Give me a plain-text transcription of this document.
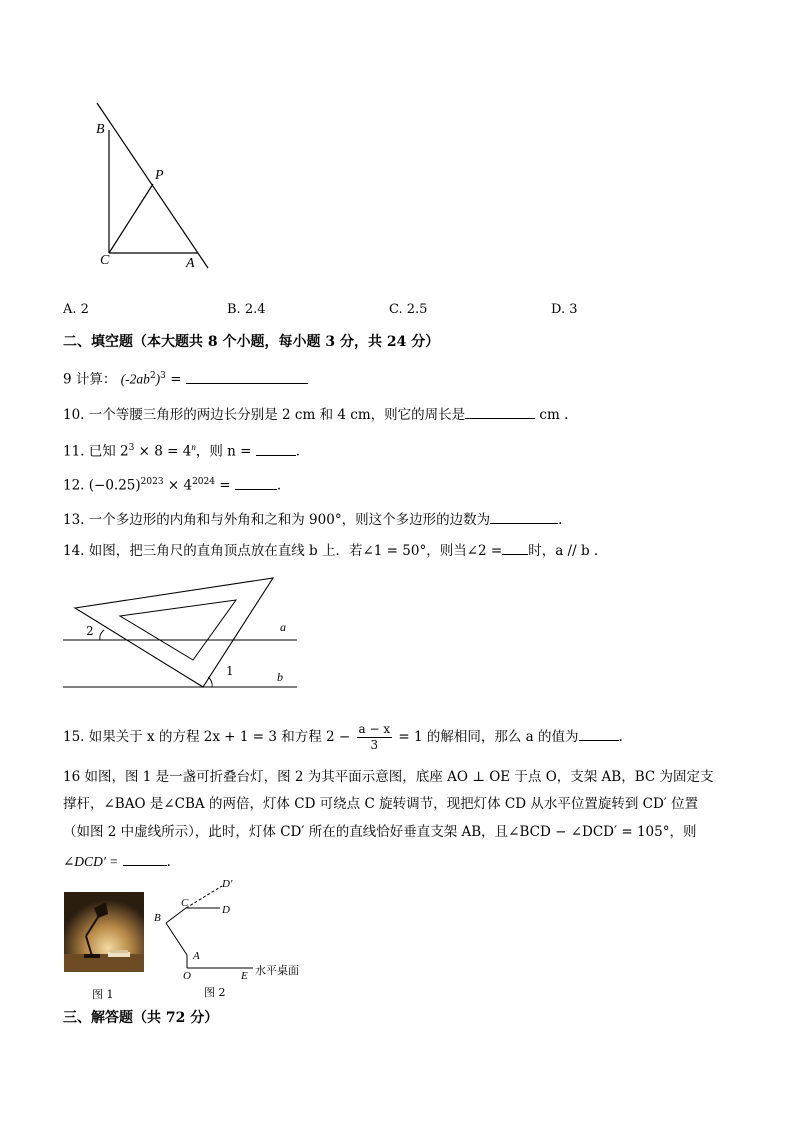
B
P
C	A
A. 2	B. 2.4	C. 2.5	D. 3
二、填空题（本大题共 8 个小题，每小题 3 分，共 24 分）
9 计算： $(-2ab^2)^3$ =
10. 一个等腰三角形的两边长分别是 2 cm 和 4 cm，则它的周长是	cm .
11. 已知 $2^3 \times 8 = 4^n$，则 n =	.
12. $(-0.25)^{2023} \times 4^{2024}$ =	.
13. 一个多边形的内角和与外角和之和为 900°，则这个多边形的边数为	.
14. 如图，把三角尺的直角顶点放在直线 b 上．若∠1 = 50°，则当∠2 = 时，a // b .
2
1
a
b
15. 如果关于 x 的方程 2x + 1 = 3 和方程 $2 - \frac{a - x}{3} = 1$ 的解相同，那么 a 的值为	.
16 如图，图 1 是一盏可折叠台灯，图 2 为其平面示意图，底座 AO ⊥ OE 于点 O，支架 AB，BC 为固定支
撑杆，∠BAO 是∠CBA 的两倍，灯体 CD 可绕点 C 旋转调节，现把灯体 CD 从水平位置旋转到 CD′ 位置
（如图 2 中虚线所示），此时，灯体 CD′ 所在的直线恰好垂直支架 AB，且∠BCD − ∠DCD′ = 105°，则
∠DCD′ =	.
图 1
D′
C
D
B
A
O	E 水平桌面
图 2
三、解答题（共 72 分）
